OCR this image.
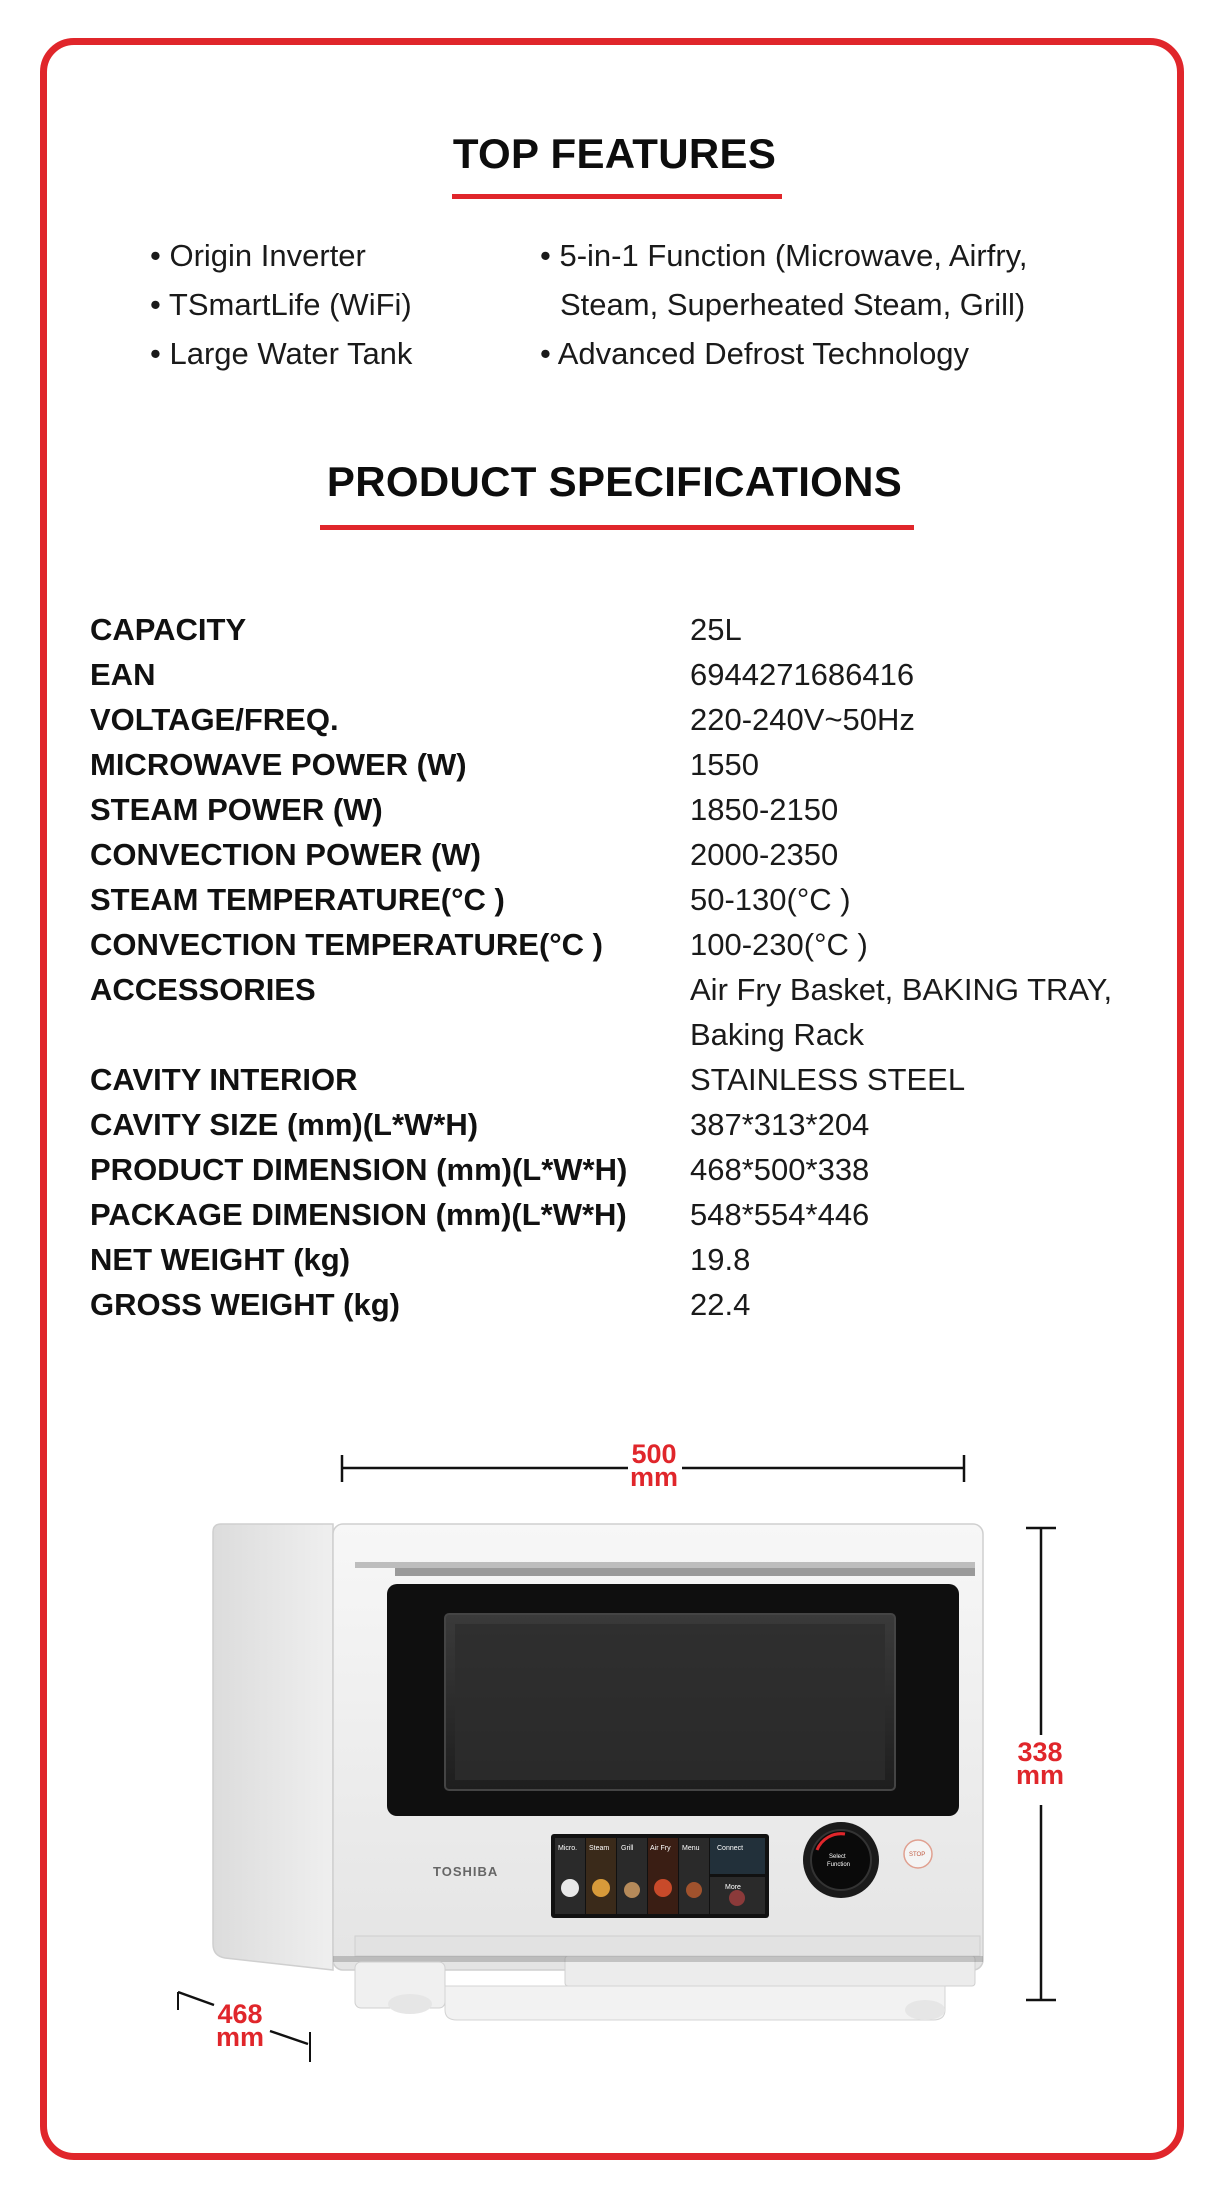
TOP FEATURES
• Origin Inverter
• TSmartLife (WiFi)
• Large Water Tank
• 5-in-1 Function (Microwave, Airfry,
Steam, Superheated Steam, Grill)
• Advanced Defrost Technology
PRODUCT SPECIFICATIONS
CAPACITY	25L
EAN	6944271686416
VOLTAGE/FREQ.	220-240V~50Hz
MICROWAVE POWER (W)	1550
STEAM POWER (W)	1850-2150
CONVECTION POWER (W)	2000-2350
STEAM TEMPERATURE(°C )	50-130(°C )
CONVECTION TEMPERATURE(°C )	100-230(°C )
ACCESSORIES	Air Fry Basket, BAKING TRAY,
Baking Rack
CAVITY INTERIOR	STAINLESS STEEL
CAVITY SIZE (mm)(L*W*H)	387*313*204
PRODUCT DIMENSION (mm)(L*W*H)	468*500*338
PACKAGE DIMENSION (mm)(L*W*H)	548*554*446
NET WEIGHT (kg)	19.8
GROSS WEIGHT (kg)	22.4
500
mm
338
mm
468
mm
TOSHIBA
Micro. Steam Grill Air Fry Menu Connect
More
Select
Function
STOP
